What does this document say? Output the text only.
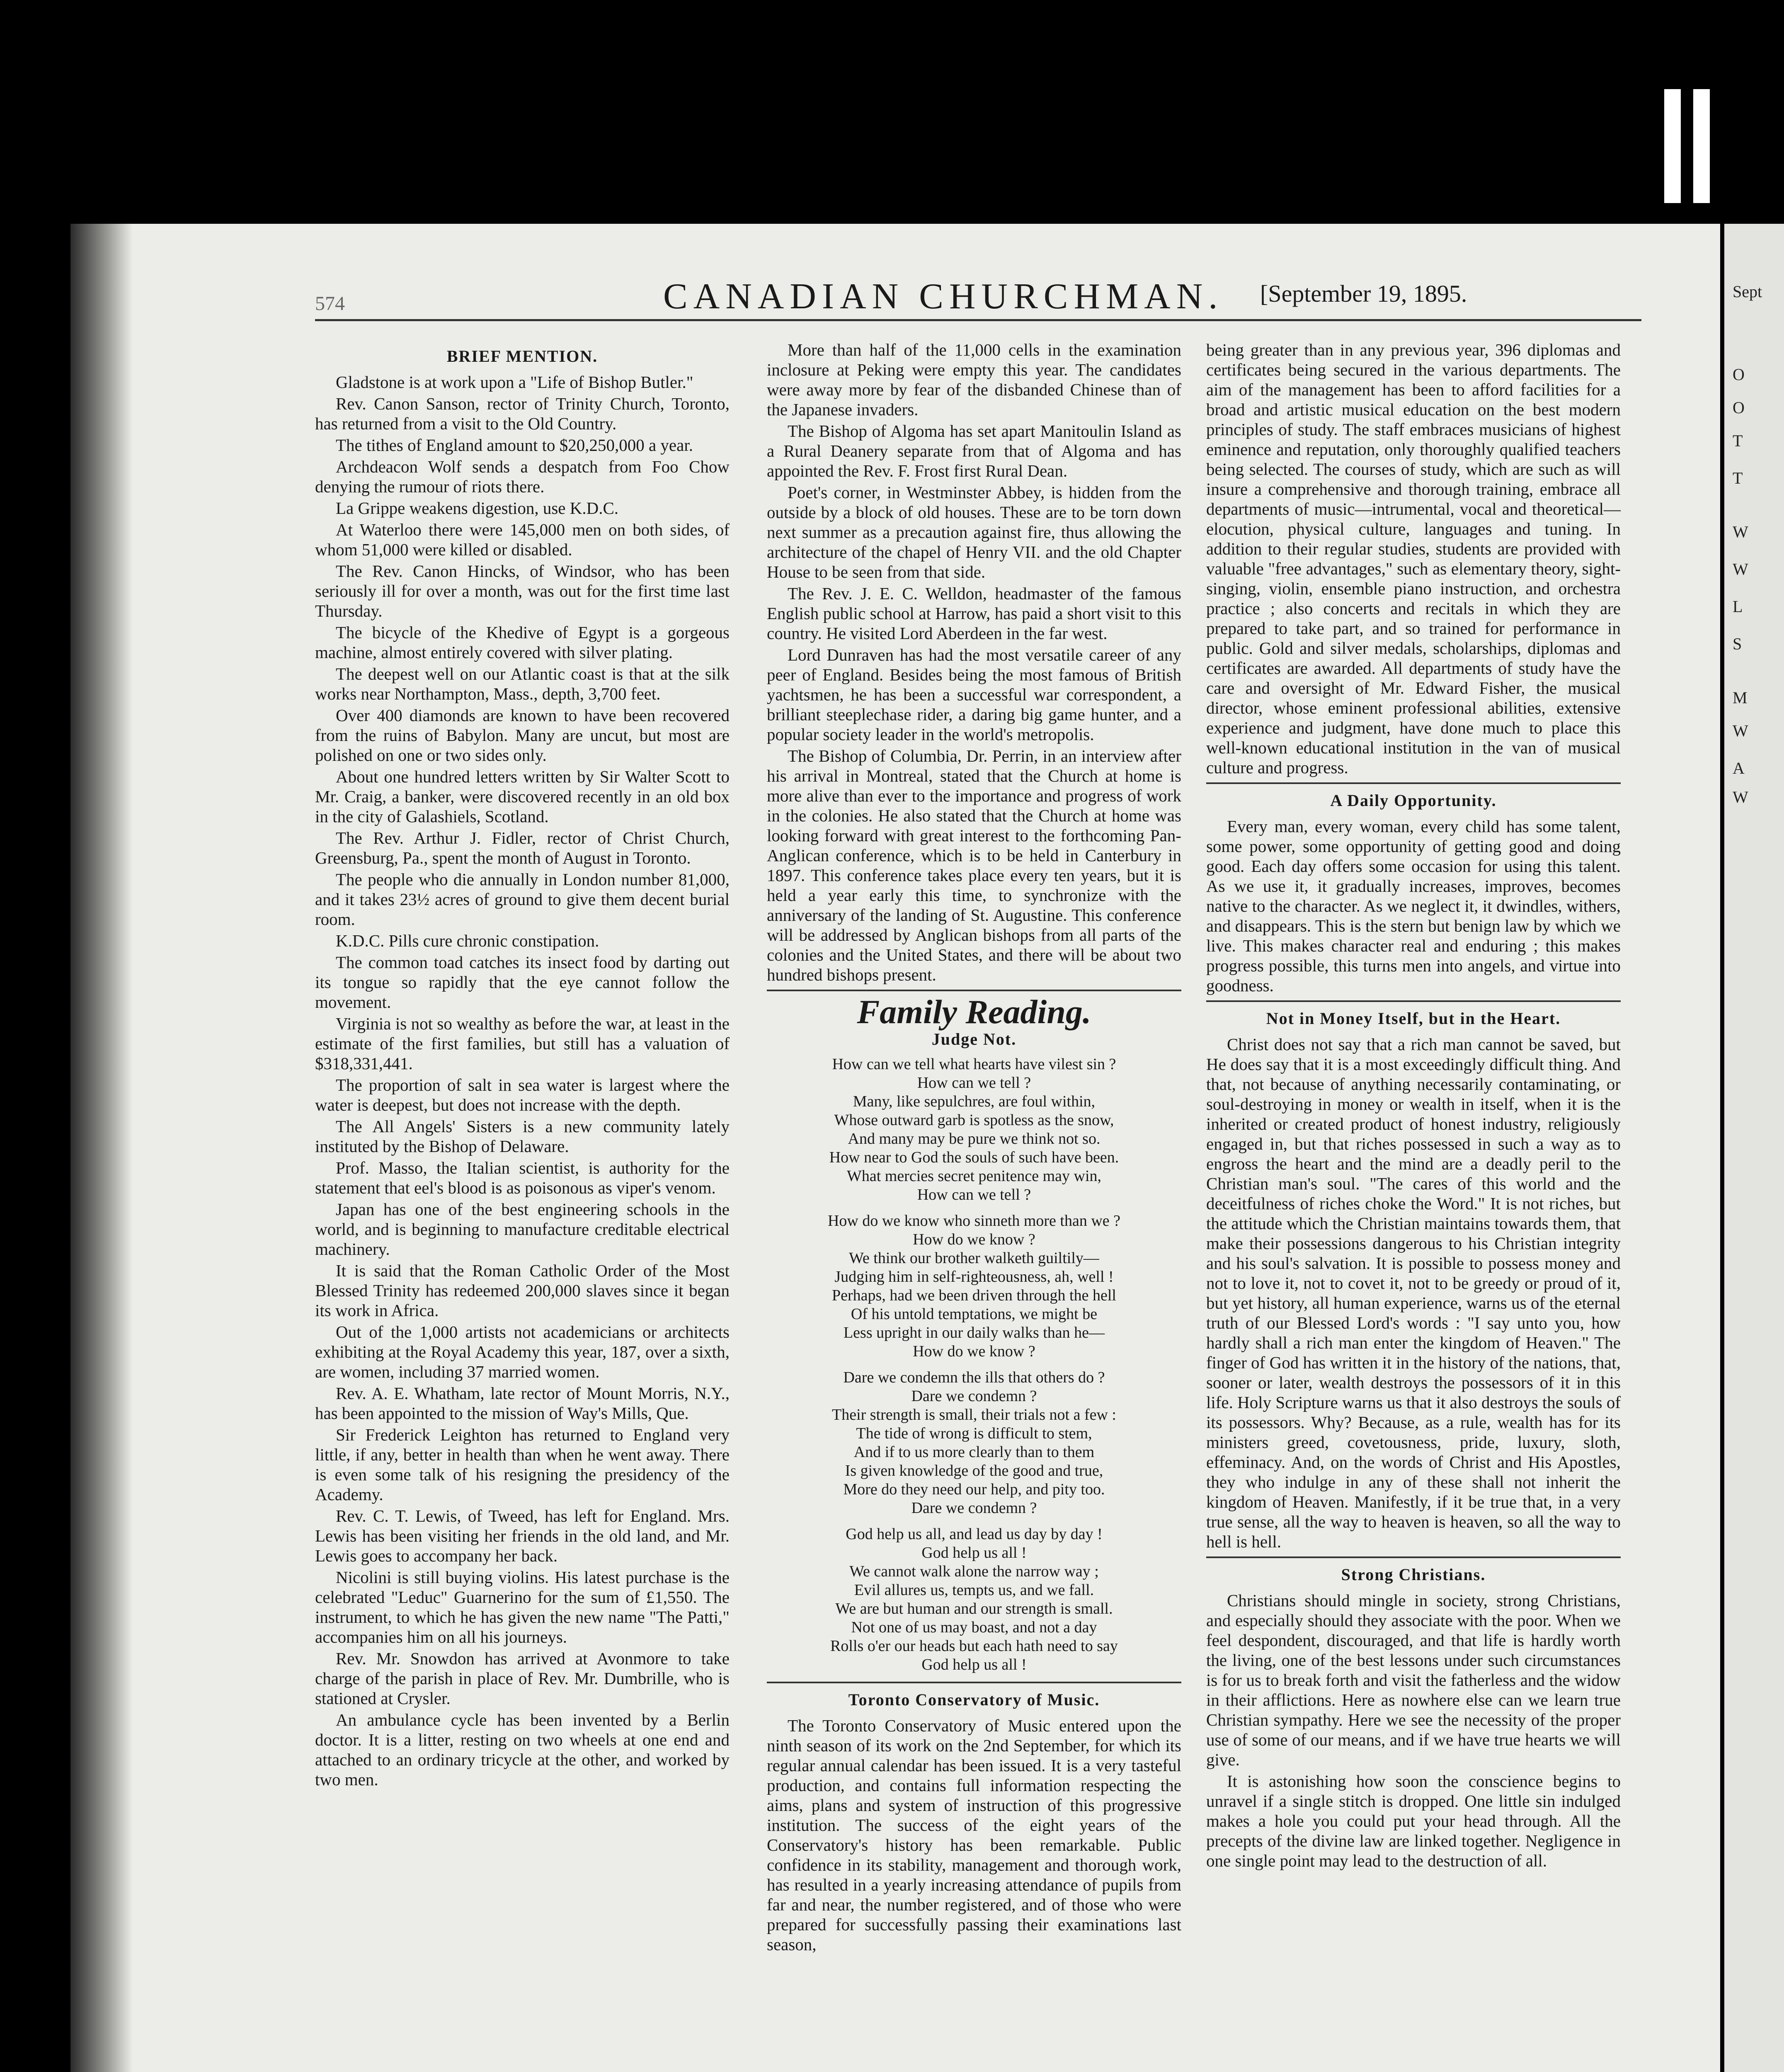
Sept
O
O
T
T
W
W
L
S
M
W
A
W
574	CANADIAN CHURCHMAN. [September 19, 1895.
BRIEF MENTION.

Gladstone is at work upon a "Life of Bishop Butler."

Rev. Canon Sanson, rector of Trinity Church, Toronto, has returned from a visit to the Old Country.

The tithes of England amount to $20,250,000 a year.

Archdeacon Wolf sends a despatch from Foo Chow denying the rumour of riots there.

La Grippe weakens digestion, use K.D.C.

At Waterloo there were 145,000 men on both sides, of whom 51,000 were killed or disabled.

The Rev. Canon Hincks, of Windsor, who has been seriously ill for over a month, was out for the first time last Thursday.

The bicycle of the Khedive of Egypt is a gorgeous machine, almost entirely covered with silver plating.

The deepest well on our Atlantic coast is that at the silk works near Northampton, Mass., depth, 3,700 feet.

Over 400 diamonds are known to have been recovered from the ruins of Babylon. Many are uncut, but most are polished on one or two sides only.

About one hundred letters written by Sir Walter Scott to Mr. Craig, a banker, were discovered recently in an old box in the city of Galashiels, Scotland.

The Rev. Arthur J. Fidler, rector of Christ Church, Greensburg, Pa., spent the month of August in Toronto.

The people who die annually in London number 81,000, and it takes 23½ acres of ground to give them decent burial room.

K.D.C. Pills cure chronic constipation.

The common toad catches its insect food by darting out its tongue so rapidly that the eye cannot follow the movement.

Virginia is not so wealthy as before the war, at least in the estimate of the first families, but still has a valuation of $318,331,441.

The proportion of salt in sea water is largest where the water is deepest, but does not increase with the depth.

The All Angels' Sisters is a new community lately instituted by the Bishop of Delaware.

Prof. Masso, the Italian scientist, is authority for the statement that eel's blood is as poisonous as viper's venom.

Japan has one of the best engineering schools in the world, and is beginning to manufacture creditable electrical machinery.

It is said that the Roman Catholic Order of the Most Blessed Trinity has redeemed 200,000 slaves since it began its work in Africa.

Out of the 1,000 artists not academicians or architects exhibiting at the Royal Academy this year, 187, over a sixth, are women, including 37 married women.

Rev. A. E. Whatham, late rector of Mount Morris, N.Y., has been appointed to the mission of Way's Mills, Que.

Sir Frederick Leighton has returned to England very little, if any, better in health than when he went away. There is even some talk of his resigning the presidency of the Academy.

Rev. C. T. Lewis, of Tweed, has left for England. Mrs. Lewis has been visiting her friends in the old land, and Mr. Lewis goes to accompany her back.

Nicolini is still buying violins. His latest purchase is the celebrated "Leduc" Guarnerino for the sum of £1,550. The instrument, to which he has given the new name "The Patti," accompanies him on all his journeys.

Rev. Mr. Snowdon has arrived at Avonmore to take charge of the parish in place of Rev. Mr. Dumbrille, who is stationed at Crysler.

An ambulance cycle has been invented by a Berlin doctor. It is a litter, resting on two wheels at one end and attached to an ordinary tricycle at the other, and worked by two men.

More than half of the 11,000 cells in the examination inclosure at Peking were empty this year. The candidates were away more by fear of the disbanded Chinese than of the Japanese invaders.

The Bishop of Algoma has set apart Manitoulin Island as a Rural Deanery separate from that of Algoma and has appointed the Rev. F. Frost first Rural Dean.

Poet's corner, in Westminster Abbey, is hidden from the outside by a block of old houses. These are to be torn down next summer as a precaution against fire, thus allowing the architecture of the chapel of Henry VII. and the old Chapter House to be seen from that side.

The Rev. J. E. C. Welldon, headmaster of the famous English public school at Harrow, has paid a short visit to this country. He visited Lord Aberdeen in the far west.

Lord Dunraven has had the most versatile career of any peer of England. Besides being the most famous of British yachtsmen, he has been a successful war correspondent, a brilliant steeplechase rider, a daring big game hunter, and a popular society leader in the world's metropolis.

The Bishop of Columbia, Dr. Perrin, in an interview after his arrival in Montreal, stated that the Church at home is more alive than ever to the importance and progress of work in the colonies. He also stated that the Church at home was looking forward with great interest to the forthcoming Pan-Anglican conference, which is to be held in Canterbury in 1897. This conference takes place every ten years, but it is held a year early this time, to synchronize with the anniversary of the landing of St. Augustine. This conference will be addressed by Anglican bishops from all parts of the colonies and the United States, and there will be about two hundred bishops present.

Family Reading.
Judge Not.
How can we tell what hearts have vilest sin ?
How can we tell ?
Many, like sepulchres, are foul within,
Whose outward garb is spotless as the snow,
And many may be pure we think not so.
How near to God the souls of such have been.
What mercies secret penitence may win,
How can we tell ?
How do we know who sinneth more than we ?
How do we know ?
We think our brother walketh guiltily—
Judging him in self-righteousness, ah, well !
Perhaps, had we been driven through the hell
Of his untold temptations, we might be
Less upright in our daily walks than he—
How do we know ?
Dare we condemn the ills that others do ?
Dare we condemn ?
Their strength is small, their trials not a few :
The tide of wrong is difficult to stem,
And if to us more clearly than to them
Is given knowledge of the good and true,
More do they need our help, and pity too.
Dare we condemn ?
God help us all, and lead us day by day !
God help us all !
We cannot walk alone the narrow way ;
Evil allures us, tempts us, and we fall.
We are but human and our strength is small.
Not one of us may boast, and not a day
Rolls o'er our heads but each hath need to say
God help us all !
Toronto Conservatory of Music.

The Toronto Conservatory of Music entered upon the ninth season of its work on the 2nd September, for which its regular annual calendar has been issued. It is a very tasteful production, and contains full information respecting the aims, plans and system of instruction of this progressive institution. The success of the eight years of the Conservatory's history has been remarkable. Public confidence in its stability, management and thorough work, has resulted in a yearly increasing attendance of pupils from far and near, the number registered, and of those who were prepared for successfully passing their examinations last season,

being greater than in any previous year, 396 diplomas and certificates being secured in the various departments. The aim of the management has been to afford facilities for a broad and artistic musical education on the best modern principles of study. The staff embraces musicians of highest eminence and reputation, only thoroughly qualified teachers being selected. The courses of study, which are such as will insure a comprehensive and thorough training, embrace all departments of music—intrumental, vocal and theoretical—elocution, physical culture, languages and tuning. In addition to their regular studies, students are provided with valuable "free advantages," such as elementary theory, sight-singing, violin, ensemble piano instruction, and orchestra practice ; also concerts and recitals in which they are prepared to take part, and so trained for performance in public. Gold and silver medals, scholarships, diplomas and certificates are awarded. All departments of study have the care and oversight of Mr. Edward Fisher, the musical director, whose eminent professional abilities, extensive experience and judgment, have done much to place this well-known educational institution in the van of musical culture and progress.

A Daily Opportunity.

Every man, every woman, every child has some talent, some power, some opportunity of getting good and doing good. Each day offers some occasion for using this talent. As we use it, it gradually increases, improves, becomes native to the character. As we neglect it, it dwindles, withers, and disappears. This is the stern but benign law by which we live. This makes character real and enduring ; this makes progress possible, this turns men into angels, and virtue into goodness.

Not in Money Itself, but in the Heart.

Christ does not say that a rich man cannot be saved, but He does say that it is a most exceedingly difficult thing. And that, not because of anything necessarily contaminating, or soul-destroying in money or wealth in itself, when it is the inherited or created product of honest industry, religiously engaged in, but that riches possessed in such a way as to engross the heart and the mind are a deadly peril to the Christian man's soul. "The cares of this world and the deceitfulness of riches choke the Word." It is not riches, but the attitude which the Christian maintains towards them, that make their possessions dangerous to his Christian integrity and his soul's salvation. It is possible to possess money and not to love it, not to covet it, not to be greedy or proud of it, but yet history, all human experience, warns us of the eternal truth of our Blessed Lord's words : "I say unto you, how hardly shall a rich man enter the kingdom of Heaven." The finger of God has written it in the history of the nations, that, sooner or later, wealth destroys the possessors of it in this life. Holy Scripture warns us that it also destroys the souls of its possessors. Why? Because, as a rule, wealth has for its ministers greed, covetousness, pride, luxury, sloth, effeminacy. And, on the words of Christ and His Apostles, they who indulge in any of these shall not inherit the kingdom of Heaven. Manifestly, if it be true that, in a very true sense, all the way to heaven is heaven, so all the way to hell is hell.

Strong Christians.

Christians should mingle in society, strong Christians, and especially should they associate with the poor. When we feel despondent, discouraged, and that life is hardly worth the living, one of the best lessons under such circumstances is for us to break forth and visit the fatherless and the widow in their afflictions. Here as nowhere else can we learn true Christian sympathy. Here we see the necessity of the proper use of some of our means, and if we have true hearts we will give.

It is astonishing how soon the conscience begins to unravel if a single stitch is dropped. One little sin indulged makes a hole you could put your head through. All the precepts of the divine law are linked together. Negligence in one single point may lead to the destruction of all.
